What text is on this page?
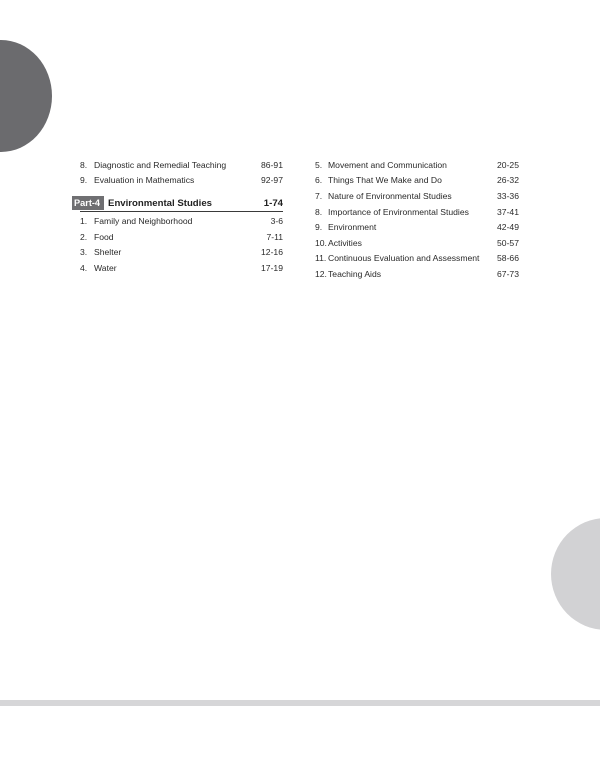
8. Diagnostic and Remedial Teaching	86-91
9. Evaluation in Mathematics	92-97
Part-4 Environmental Studies	1-74
1. Family and Neighborhood	3-6
2. Food	7-11
3. Shelter	12-16
4. Water	17-19
5. Movement and Communication	20-25
6. Things That We Make and Do	26-32
7. Nature of Environmental Studies	33-36
8. Importance of Environmental Studies	37-41
9. Environment	42-49
10. Activities	50-57
11. Continuous Evaluation and Assessment 58-66
12. Teaching Aids	67-73
